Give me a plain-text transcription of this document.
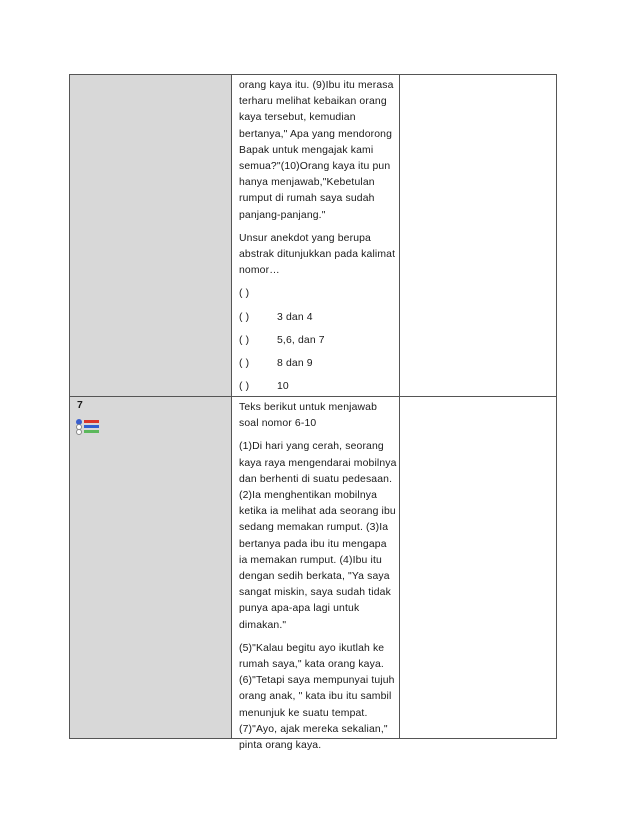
orang kaya itu. (9)Ibu itu merasa terharu melihat kebaikan orang kaya tersebut, kemudian bertanya," Apa yang mendorong Bapak untuk mengajak kami semua?"(10)Orang kaya itu pun hanya menjawab,"Kebetulan rumput di rumah saya sudah panjang-panjang."

Unsur anekdot yang berupa abstrak ditunjukkan pada kalimat nomor…

( )
( )	3 dan 4
( )	5,6, dan 7
( )	8 dan 9
( )	10
7	Teks berikut untuk menjawab soal nomor 6-10

(1)Di hari yang cerah, seorang kaya raya mengendarai mobilnya dan berhenti di suatu pedesaan. (2)Ia menghentikan mobilnya ketika ia melihat ada seorang ibu sedang memakan rumput. (3)Ia bertanya pada ibu itu mengapa ia memakan rumput. (4)Ibu itu dengan sedih berkata, "Ya saya sangat miskin, saya sudah tidak punya apa-apa lagi untuk dimakan."

(5)"Kalau begitu ayo ikutlah ke rumah saya," kata orang kaya. (6)"Tetapi saya mempunyai tujuh orang anak, " kata ibu itu sambil menunjuk ke suatu tempat. (7)"Ayo, ajak mereka sekalian," pinta orang kaya.
